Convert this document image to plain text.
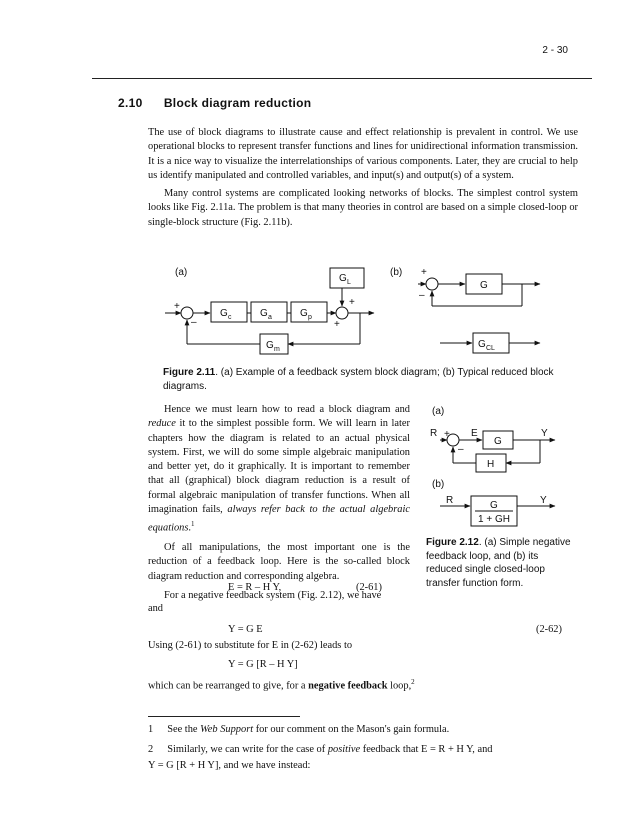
2 - 30
2.10 Block diagram reduction

The use of block diagrams to illustrate cause and effect relationship is prevalent in control. We use operational blocks to represent transfer functions and lines for unidirectional information transmission. It is a nice way to visualize the interrelationships of various components. Later, they are crucial to help us identify manipulated and controlled variables, and input(s) and output(s) of a system.

Many control systems are complicated looking networks of blocks. The simplest control system looks like Fig. 2.11a. The problem is that many theories in control are based on a simple closed-loop or single-block structure (Fig. 2.11b).

(a)	(b)
+
–
+
+
+
–
G c	G a	G p
G L
G m
G
G CL
Figure 2.11. (a) Example of a feedback system block diagram; (b) Typical reduced block diagrams.

Hence we must learn how to read a block diagram and reduce it to the simplest possible form. We will learn in later chapters how the diagram is related to an actual physical system. First, we will do some simple algebraic manipulation and better yet, do it graphically. It is important to remember that all (graphical) block diagram reduction is a result of formal algebraic manipulation of transfer functions. When all imagination fails, always refer back to the actual algebraic equations.$^1$

Of all manipulations, the most important one is the reduction of a feedback loop. Here is the so-called block diagram reduction and corresponding algebra.

For a negative feedback system (Fig. 2.12), we have

(a)
(b)
R +
–
E	Y
G
H
R	Y
G
1 + GH
Figure 2.12. (a) Simple negative feedback loop, and (b) its reduced single closed-loop transfer function form.
E = R – H Y,	(2-61)
and
Y = G E	(2-62)
Using (2-61) to substitute for E in (2-62) leads to
Y = G [R – H Y]
which can be rearranged to give, for a negative feedback loop,$^2$
1 See the Web Support for our comment on the Mason's gain formula.
2 Similarly, we can write for the case of positive feedback that E = R + H Y, and
Y = G [R + H Y], and we have instead:
